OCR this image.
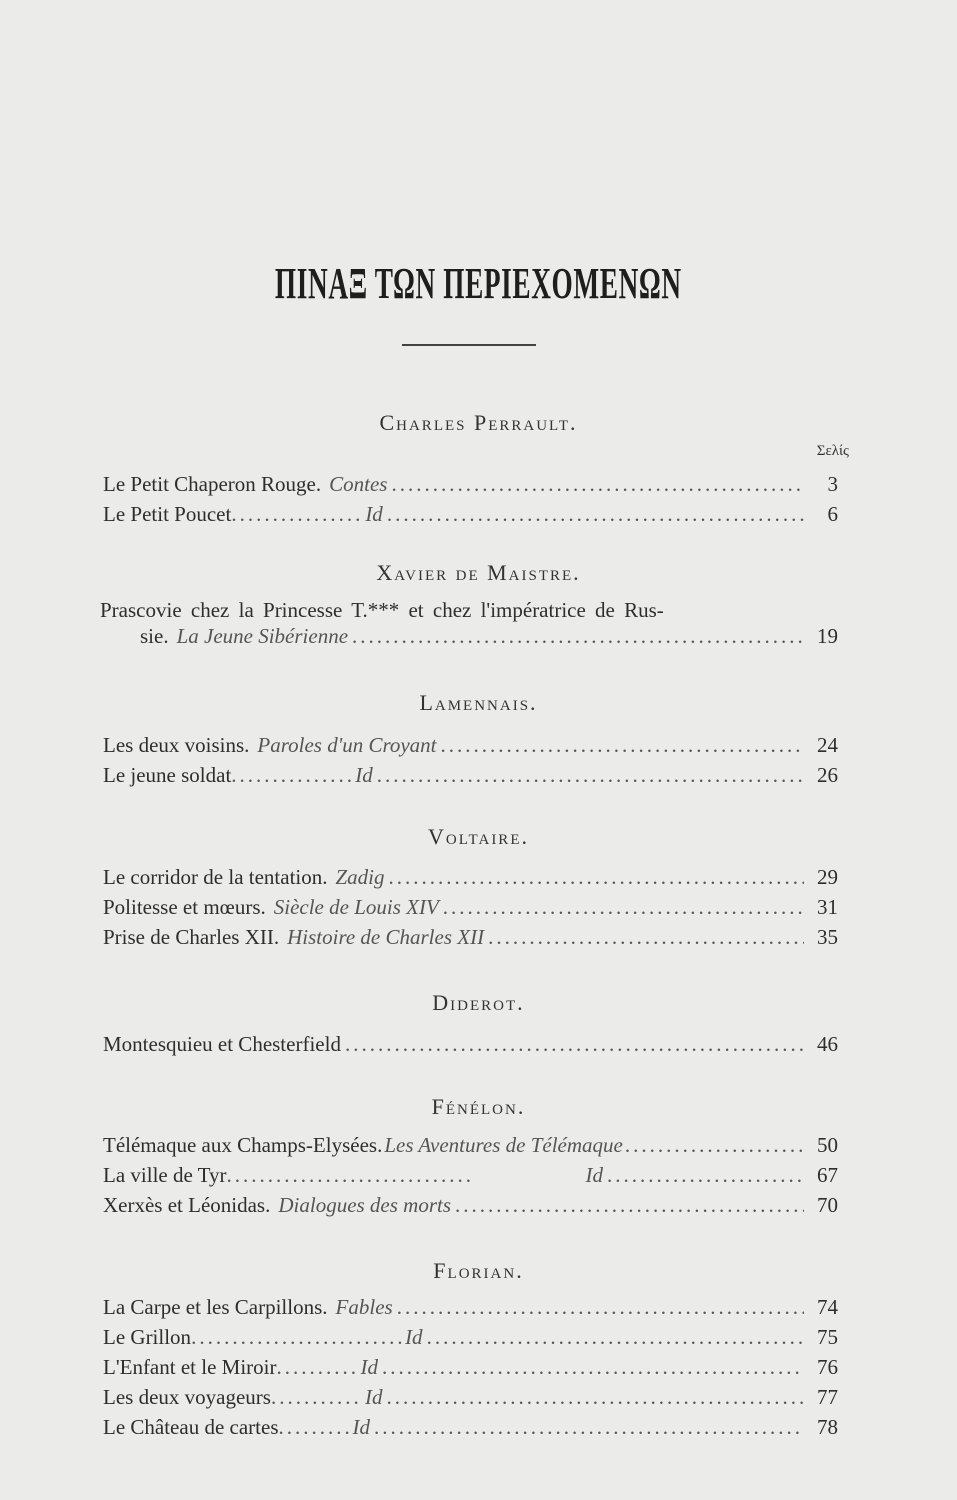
ΠΙΝΑΞ ΤΩΝ ΠΕΡΙΕΧΟΜΕΝΩΝ
Charles Perrault.
Σελίς
Le Petit Chaperon Rouge. Contes .....	3
Le Petit Poucet .....	Id .....	6
Xavier de Maistre.
Prascovie chez la Princesse T.*** et chez l'impératrice de Rus-
sie. La Jeune Sibérienne .....	19
Lamennais.
Les deux voisins. Paroles d'un Croyant .....	24
Le jeune soldat .....	Id .....	26
Voltaire.
Le corridor de la tentation. Zadig .....	29
Politesse et mœurs. Siècle de Louis XIV .....	31
Prise de Charles XII. Histoire de Charles XII .....	35
Diderot.
Montesquieu et Chesterfield .....	46
Fénélon.
Télémaque aux Champs-Elysées. Les Aventures de Télémaque .....	50
La ville de Tyr .....	Id .....	67
Xerxès et Léonidas. Dialogues des morts .....	70
Florian.
La Carpe et les Carpillons. Fables .....	74
Le Grillon .....	Id .....	75
L'Enfant et le Miroir .....	Id .....	76
Les deux voyageurs .....	Id .....	77
Le Château de cartes .....	Id .....	78
